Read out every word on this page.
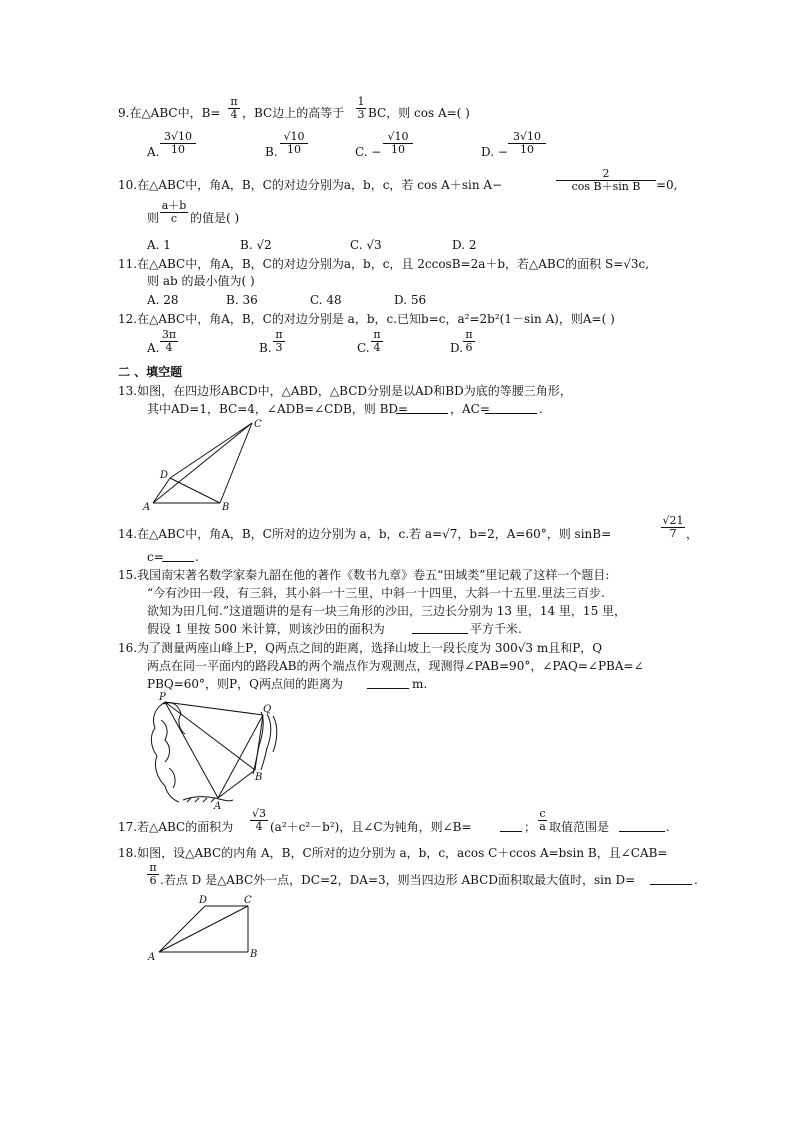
9.在△ABC中，$B= \frac{\pi}{4}$ ，BC边上的高等于 $\frac{1}{3}$ BC，则 cos A=( )
A. $\frac{3√10}{10}$	B. $\frac{√10}{10}$	C. − $\frac{√10}{10}$	D. − $\frac{3√10}{10}$
10.在△ABC中，角A，B，C的对边分别为a，b，c，若 cos A＋sin A−	$\frac{2}{\text{cos B＋sin B}} =0$,
则 $\frac{a+b}{c}$ 的值是( )
A. 1	B. √2	C. √3	D. 2
11.在△ABC中，角A，B，C的对边分别为a，b，c，且 2ccosB=2a＋b，若△ABC的面积 S=√3c,
则 ab 的最小值为( )
A. 28	B. 36	C. 48	D. 56
12.在△ABC中，角A，B，C的对边分别是 a，b，c.已知b=c，a²=2b²(1－sin A)，则A=( )
A. $\frac{3\pi}{4}$	B. $\frac{\pi}{3}$	C. $\frac{\pi}{4}$	D. $\frac{\pi}{6}$
二 、填空题
13.如图，在四边形ABCD中，△ABD，△BCD分别是以AD和BD为底的等腰三角形，
其中AD=1，BC=4，∠ADB=∠CDB，则 BD=	，AC=	.
A	B
C
D
14.在△ABC中，角A，B，C所对的边分别为 a，b，c.若 a=√7，b=2，A=60°，则 sinB=	$\frac{√21}{7}$ ，
c=	.
15.我国南宋著名数学家秦九韶在他的著作《数书九章》卷五“田域类”里记载了这样一个题目:
“今有沙田一段，有三斜，其小斜一十三里，中斜一十四里，大斜一十五里.里法三百步.
欲知为田几何.”这道题讲的是有一块三角形的沙田，三边长分别为 13 里，14 里，15 里，
假设 1 里按 500 米计算，则该沙田的面积为	平方千米.
16.为了测量两座山峰上P，Q两点之间的距离，选择山坡上一段长度为 300√3 m且和P，Q
两点在同一平面内的路段AB的两个端点作为观测点，现测得∠PAB=90°，∠PAQ=∠PBA=∠
PBQ=60°，则P，Q两点间的距离为	m.
P
Q
A
B
17.若△ABC的面积为 $\frac{√3}{4} (a^2+c^2-b^2)$，且∠C为钝角，则∠B=	； $\frac{c}{a}$ 取值范围是	.
18.如图，设△ABC的内角 A，B，C所对的边分别为 a，b，c，acos C＋ccos A=bsin B，且∠CAB=
$\frac{\pi}{6}$ .若点 D 是△ABC外一点，DC=2，DA=3，则当四边形 ABCD面积取最大值时，sin D=	.
A	B
C
D
